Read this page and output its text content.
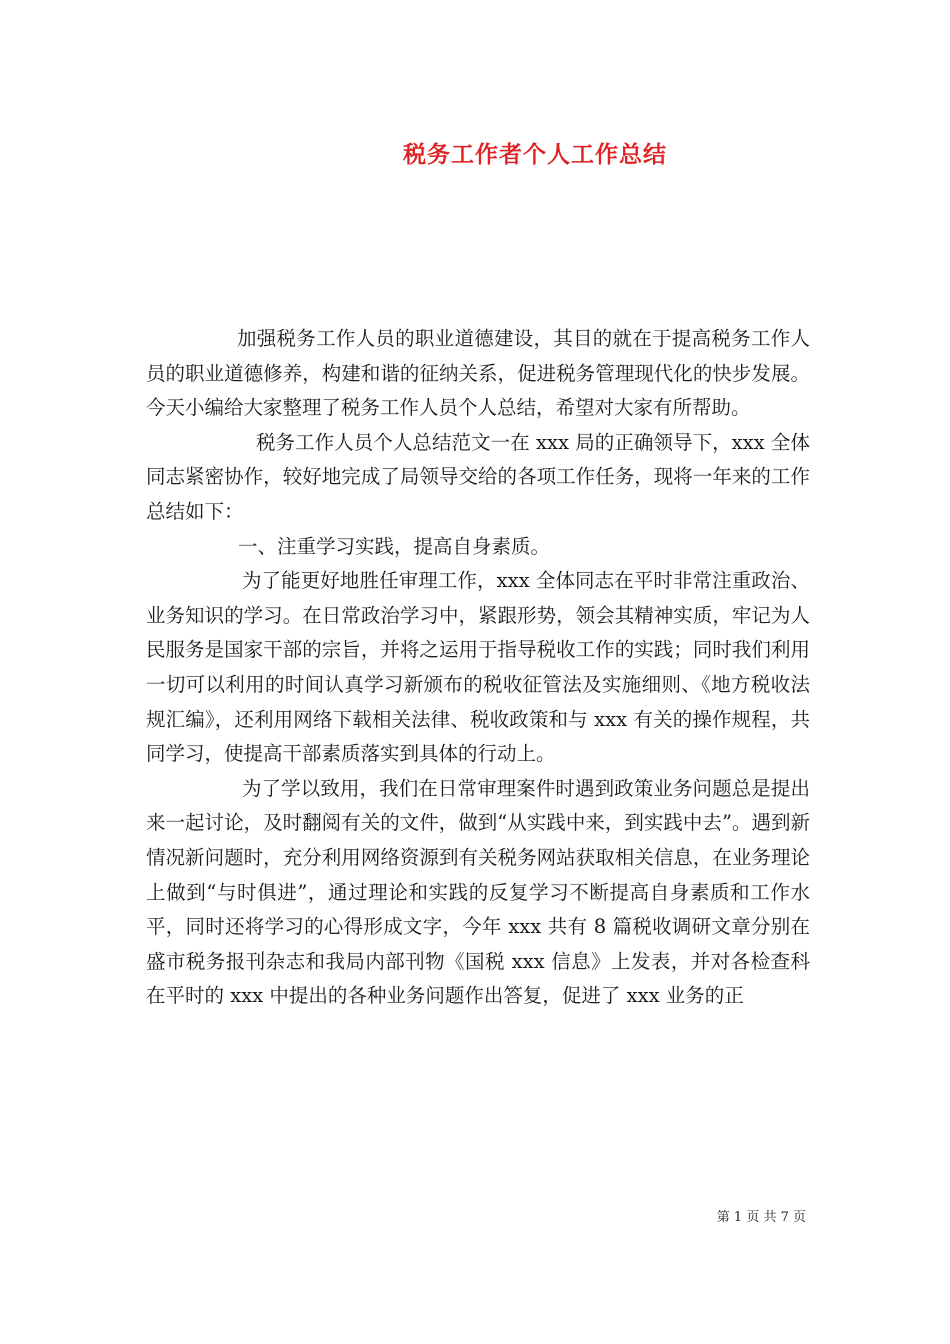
税务工作者个人工作总结

加强税务工作人员的职业道德建设，其目的就在于提高税务工作人员的职业道德修养，构建和谐的征纳关系，促进税务管理现代化的快步发展。今天小编给大家整理了税务工作人员个人总结，希望对大家有所帮助。

税务工作人员个人总结范文一在 xxx 局的正确领导下，xxx 全体同志紧密协作，较好地完成了局领导交给的各项工作任务，现将一年来的工作总结如下：

一、注重学习实践，提高自身素质。

为了能更好地胜任审理工作，xxx 全体同志在平时非常注重政治、业务知识的学习。在日常政治学习中，紧跟形势，领会其精神实质，牢记为人民服务是国家干部的宗旨，并将之运用于指导税收工作的实践；同时我们利用一切可以利用的时间认真学习新颁布的税收征管法及实施细则、《地方税收法规汇编》，还利用网络下载相关法律、税收政策和与 xxx 有关的操作规程，共同学习，使提高干部素质落实到具体的行动上。

为了学以致用，我们在日常审理案件时遇到政策业务问题总是提出来一起讨论，及时翻阅有关的文件，做到“从实践中来，到实践中去”。遇到新情况新问题时，充分利用网络资源到有关税务网站获取相关信息，在业务理论上做到“与时俱进”，通过理论和实践的反复学习不断提高自身素质和工作水平，同时还将学习的心得形成文字，今年 xxx 共有 8 篇税收调研文章分别在盛市税务报刊杂志和我局内部刊物《国税 xxx 信息》上发表，并对各检查科在平时的 xxx 中提出的各种业务问题作出答复，促进了 xxx 业务的正

第 1 页 共 7 页
